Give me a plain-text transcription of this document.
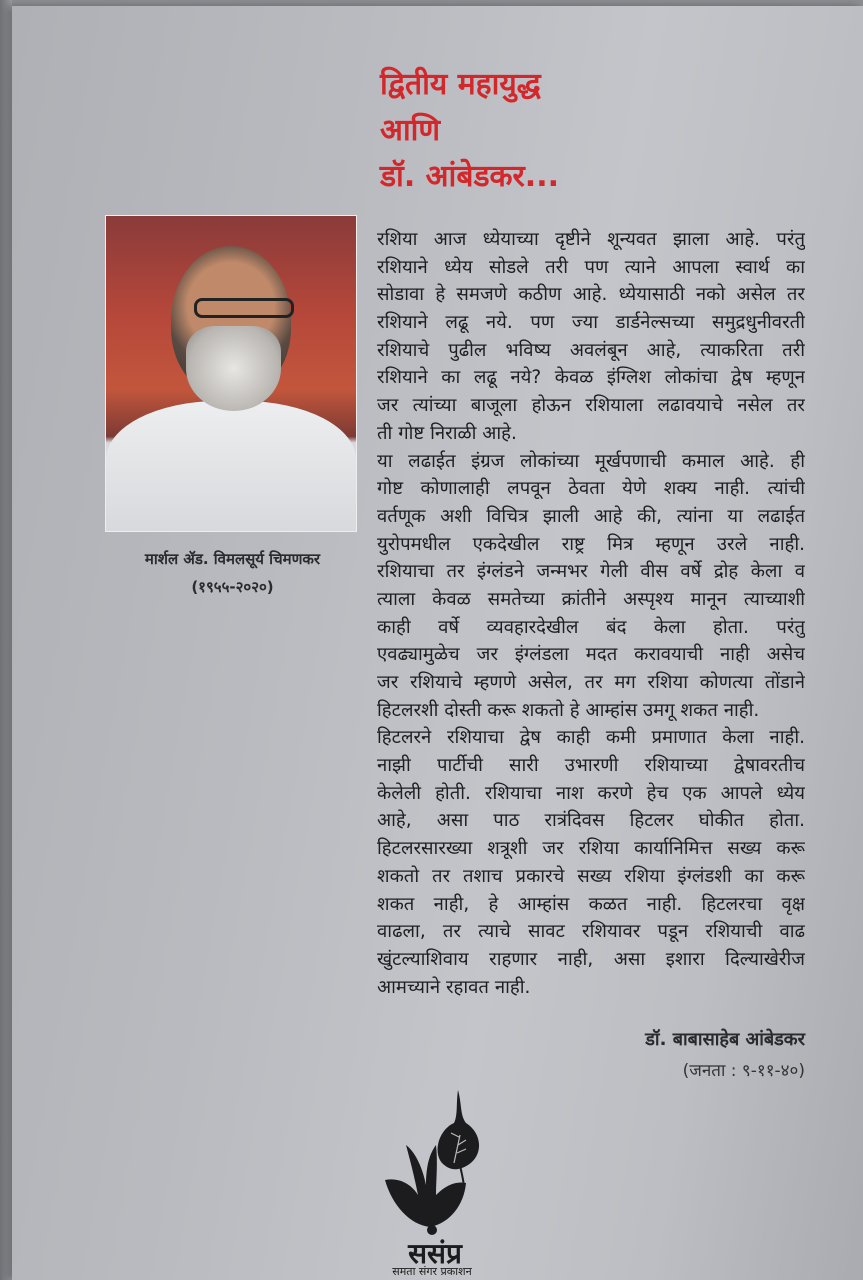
द्वितीय महायुद्ध
आणि
डॉ. आंबेडकर...
मार्शल ॲड. विमलसूर्य चिमणकर
(१९५५-२०२०)
रशिया आज ध्येयाच्या दृष्टीने शून्यवत झाला आहे. परंतु
रशियाने ध्येय सोडले तरी पण त्याने आपला स्वार्थ का
सोडावा हे समजणे कठीण आहे. ध्येयासाठी नको असेल तर
रशियाने लढू नये. पण ज्या डार्डनेल्सच्या समुद्रधुनीवरती
रशियाचे पुढील भविष्य अवलंबून आहे, त्याकरिता तरी
रशियाने का लढू नये? केवळ इंग्लिश लोकांचा द्वेष म्हणून
जर त्यांच्या बाजूला होऊन रशियाला लढावयाचे नसेल तर
ती गोष्ट निराळी आहे.
या लढाईत इंग्रज लोकांच्या मूर्खपणाची कमाल आहे. ही
गोष्ट कोणालाही लपवून ठेवता येणे शक्य नाही. त्यांची
वर्तणूक अशी विचित्र झाली आहे की, त्यांना या लढाईत
युरोपमधील एकदेखील राष्ट्र मित्र म्हणून उरले नाही.
रशियाचा तर इंग्लंडने जन्मभर गेली वीस वर्षे द्रोह केला व
त्याला केवळ समतेच्या क्रांतीने अस्पृश्य मानून त्याच्याशी
काही वर्षे व्यवहारदेखील बंद केला होता. परंतु
एवढ्यामुळेच जर इंग्लंडला मदत करावयाची नाही असेच
जर रशियाचे म्हणणे असेल, तर मग रशिया कोणत्या तोंडाने
हिटलरशी दोस्ती करू शकतो हे आम्हांस उमगू शकत नाही.
हिटलरने रशियाचा द्वेष काही कमी प्रमाणात केला नाही.
नाझी पार्टीची सारी उभारणी रशियाच्या द्वेषावरतीच
केलेली होती. रशियाचा नाश करणे हेच एक आपले ध्येय
आहे, असा पाठ रात्रंदिवस हिटलर घोकीत होता.
हिटलरसारख्या शत्रूशी जर रशिया कार्यानिमित्त सख्य करू
शकतो तर तशाच प्रकारचे सख्य रशिया इंग्लंडशी का करू
शकत नाही, हे आम्हांस कळत नाही. हिटलरचा वृक्ष
वाढला, तर त्याचे सावट रशियावर पडून रशियाची वाढ
खुंटल्याशिवाय राहणार नाही, असा इशारा दिल्याखेरीज
आमच्याने रहावत नाही.
डॉ. बाबासाहेब आंबेडकर
(जनता : ९-११-४०)
ससंप्र
समता संगर प्रकाशन
